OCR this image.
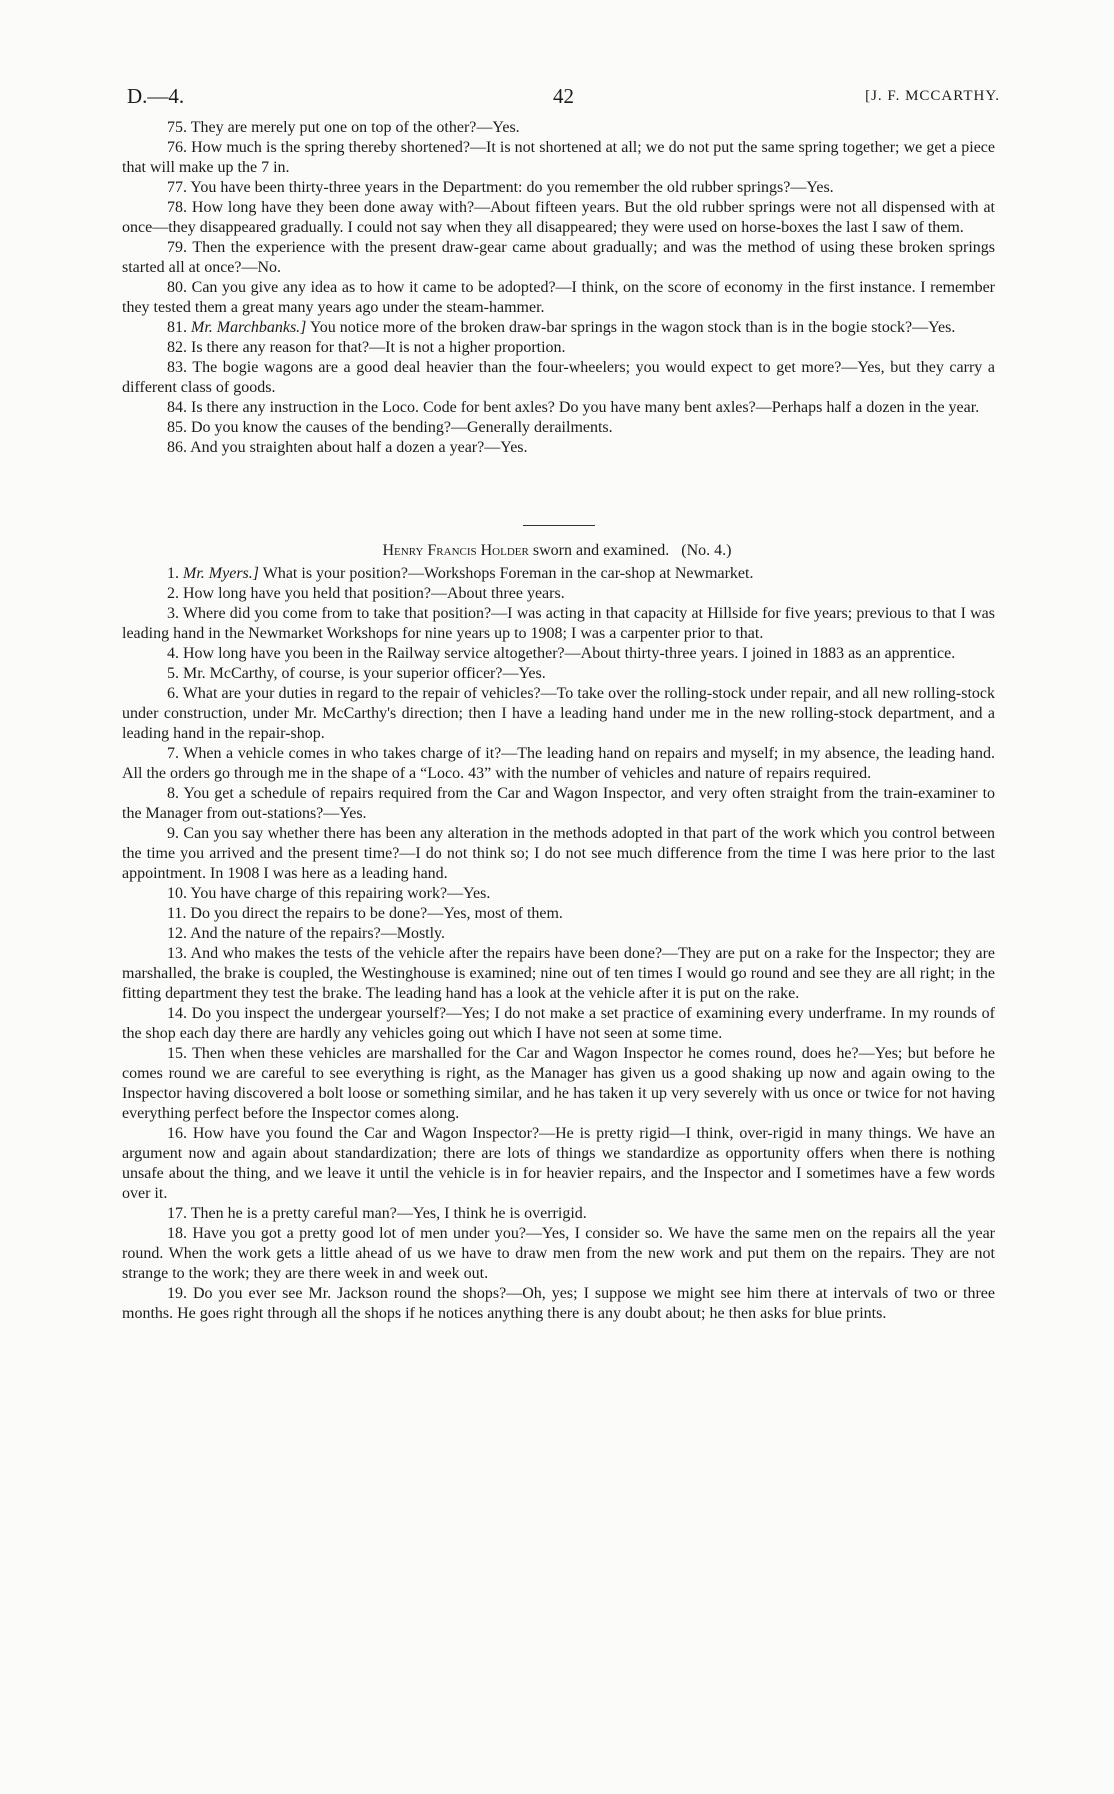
D.—4.	42	[J. F. MCCARTHY.

75. They are merely put one on top of the other?—Yes.

76. How much is the spring thereby shortened?—It is not shortened at all; we do not put the same spring together; we get a piece that will make up the 7 in.

77. You have been thirty-three years in the Department: do you remember the old rubber springs?—Yes.

78. How long have they been done away with?—About fifteen years. But the old rubber springs were not all dispensed with at once—they disappeared gradually. I could not say when they all disappeared; they were used on horse-boxes the last I saw of them.

79. Then the experience with the present draw-gear came about gradually; and was the method of using these broken springs started all at once?—No.

80. Can you give any idea as to how it came to be adopted?—I think, on the score of economy in the first instance. I remember they tested them a great many years ago under the steam-hammer.

81. Mr. Marchbanks.] You notice more of the broken draw-bar springs in the wagon stock than is in the bogie stock?—Yes.

82. Is there any reason for that?—It is not a higher proportion.

83. The bogie wagons are a good deal heavier than the four-wheelers; you would expect to get more?—Yes, but they carry a different class of goods.

84. Is there any instruction in the Loco. Code for bent axles? Do you have many bent axles?—Perhaps half a dozen in the year.

85. Do you know the causes of the bending?—Generally derailments.

86. And you straighten about half a dozen a year?—Yes.

Henry Francis Holder sworn and examined. (No. 4.)

1. Mr. Myers.] What is your position?—Workshops Foreman in the car-shop at Newmarket.

2. How long have you held that position?—About three years.

3. Where did you come from to take that position?—I was acting in that capacity at Hillside for five years; previous to that I was leading hand in the Newmarket Workshops for nine years up to 1908; I was a carpenter prior to that.

4. How long have you been in the Railway service altogether?—About thirty-three years. I joined in 1883 as an apprentice.

5. Mr. McCarthy, of course, is your superior officer?—Yes.

6. What are your duties in regard to the repair of vehicles?—To take over the rolling-stock under repair, and all new rolling-stock under construction, under Mr. McCarthy's direction; then I have a leading hand under me in the new rolling-stock department, and a leading hand in the repair-shop.

7. When a vehicle comes in who takes charge of it?—The leading hand on repairs and myself; in my absence, the leading hand. All the orders go through me in the shape of a “Loco. 43” with the number of vehicles and nature of repairs required.

8. You get a schedule of repairs required from the Car and Wagon Inspector, and very often straight from the train-examiner to the Manager from out-stations?—Yes.

9. Can you say whether there has been any alteration in the methods adopted in that part of the work which you control between the time you arrived and the present time?—I do not think so; I do not see much difference from the time I was here prior to the last appointment. In 1908 I was here as a leading hand.

10. You have charge of this repairing work?—Yes.

11. Do you direct the repairs to be done?—Yes, most of them.

12. And the nature of the repairs?—Mostly.

13. And who makes the tests of the vehicle after the repairs have been done?—They are put on a rake for the Inspector; they are marshalled, the brake is coupled, the Westinghouse is examined; nine out of ten times I would go round and see they are all right; in the fitting department they test the brake. The leading hand has a look at the vehicle after it is put on the rake.

14. Do you inspect the undergear yourself?—Yes; I do not make a set practice of examining every underframe. In my rounds of the shop each day there are hardly any vehicles going out which I have not seen at some time.

15. Then when these vehicles are marshalled for the Car and Wagon Inspector he comes round, does he?—Yes; but before he comes round we are careful to see everything is right, as the Manager has given us a good shaking up now and again owing to the Inspector having discovered a bolt loose or something similar, and he has taken it up very severely with us once or twice for not having everything perfect before the Inspector comes along.

16. How have you found the Car and Wagon Inspector?—He is pretty rigid—I think, over-rigid in many things. We have an argument now and again about standardization; there are lots of things we standardize as opportunity offers when there is nothing unsafe about the thing, and we leave it until the vehicle is in for heavier repairs, and the Inspector and I sometimes have a few words over it.

17. Then he is a pretty careful man?—Yes, I think he is overrigid.

18. Have you got a pretty good lot of men under you?—Yes, I consider so. We have the same men on the repairs all the year round. When the work gets a little ahead of us we have to draw men from the new work and put them on the repairs. They are not strange to the work; they are there week in and week out.

19. Do you ever see Mr. Jackson round the shops?—Oh, yes; I suppose we might see him there at intervals of two or three months. He goes right through all the shops if he notices anything there is any doubt about; he then asks for blue prints.
